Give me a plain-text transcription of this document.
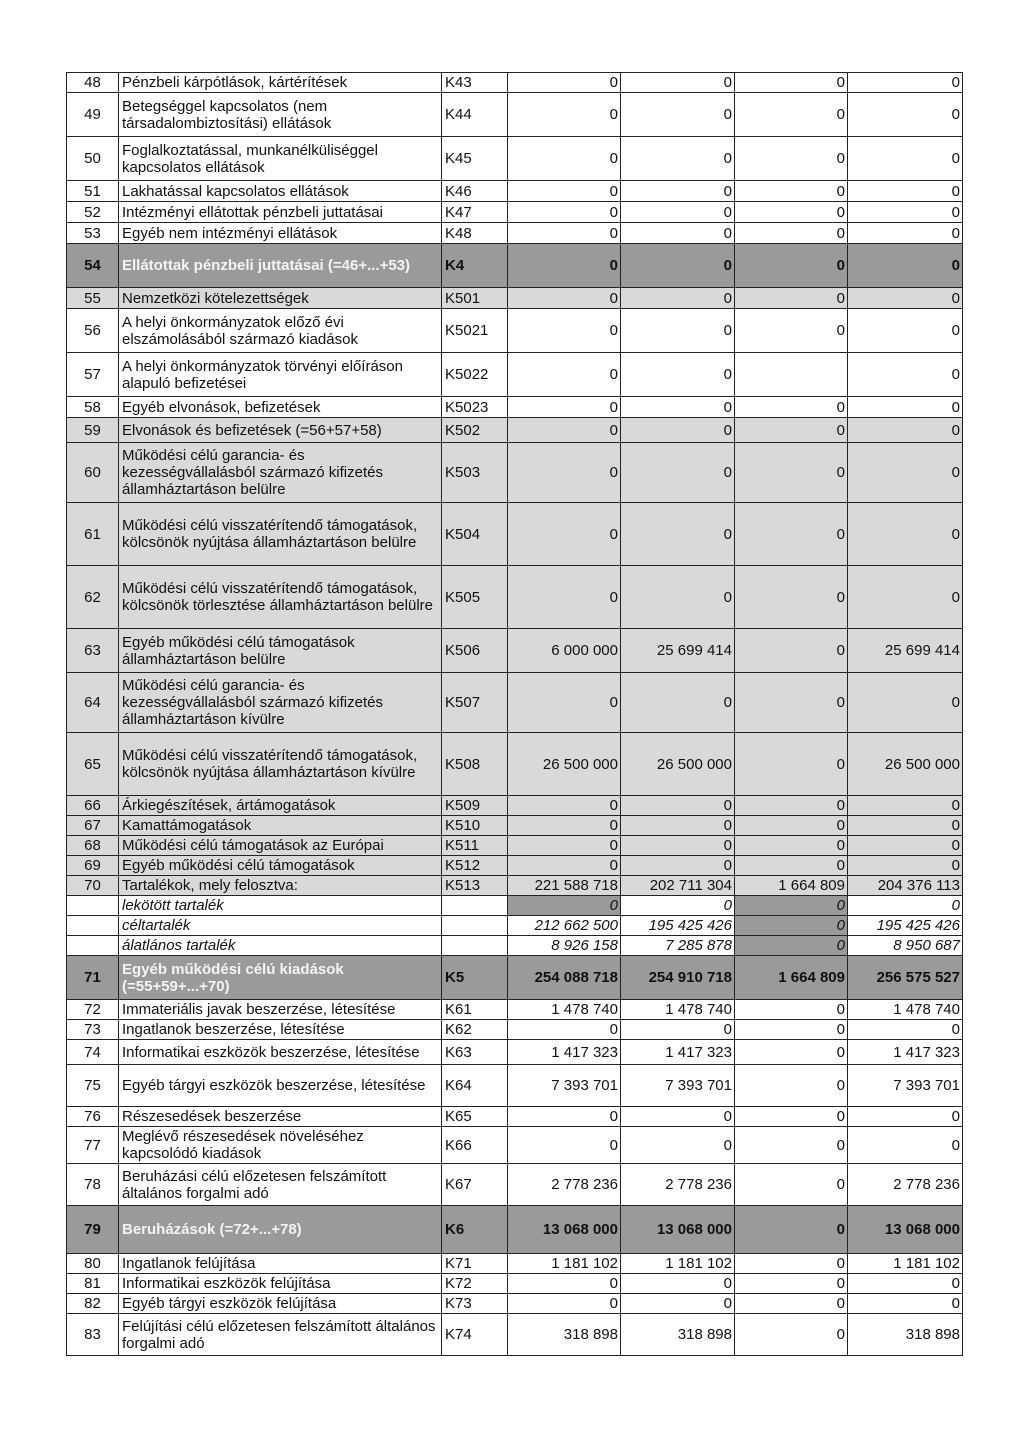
48	Pénzbeli kárpótlások, kártérítések	K43	0	0	0	0
49	Betegséggel kapcsolatos (nem társadalombiztosítási) ellátások	K44	0	0	0	0
50	Foglalkoztatással, munkanélküliséggel kapcsolatos ellátások	K45	0	0	0	0
51	Lakhatással kapcsolatos ellátások	K46	0	0	0	0
52	Intézményi ellátottak pénzbeli juttatásai	K47	0	0	0	0
53	Egyéb nem intézményi ellátások	K48	0	0	0	0
54	Ellátottak pénzbeli juttatásai (=46+...+53)	K4	0	0	0	0
55	Nemzetközi kötelezettségek	K501	0	0	0	0
56	A helyi önkormányzatok előző évi elszámolásából származó kiadások	K5021	0	0	0	0
57	A helyi önkormányzatok törvényi előíráson alapuló befizetései	K5022	0	0		0
58	Egyéb elvonások, befizetések	K5023	0	0	0	0
59	Elvonások és befizetések (=56+57+58)	K502	0	0	0	0
60	Működési célú garancia- és kezességvállalásból származó kifizetés államháztartáson belülre	K503	0	0	0	0
61	Működési célú visszatérítendő támogatások, kölcsönök nyújtása államháztartáson belülre	K504	0	0	0	0
62	Működési célú visszatérítendő támogatások, kölcsönök törlesztése államháztartáson belülre	K505	0	0	0	0
63	Egyéb működési célú támogatások államháztartáson belülre	K506	6 000 000	25 699 414	0	25 699 414
64	Működési célú garancia- és kezességvállalásból származó kifizetés államháztartáson kívülre	K507	0	0	0	0
65	Működési célú visszatérítendő támogatások, kölcsönök nyújtása államháztartáson kívülre	K508	26 500 000	26 500 000	0	26 500 000
66	Árkiegészítések, ártámogatások	K509	0	0	0	0
67	Kamattámogatások	K510	0	0	0	0
68	Működési célú támogatások az Európai	K511	0	0	0	0
69	Egyéb működési célú támogatások	K512	0	0	0	0
70	Tartalékok, mely felosztva:	K513	221 588 718	202 711 304	1 664 809	204 376 113
	lekötött tartalék		0	0	0	0
	céltartalék		212 662 500	195 425 426	0	195 425 426
	álatlános tartalék		8 926 158	7 285 878	0	8 950 687
71	Egyéb működési célú kiadások (=55+59+...+70)	K5	254 088 718	254 910 718	1 664 809	256 575 527
72	Immateriális javak beszerzése, létesítése	K61	1 478 740	1 478 740	0	1 478 740
73	Ingatlanok beszerzése, létesítése	K62	0	0	0	0
74	Informatikai eszközök beszerzése, létesítése	K63	1 417 323	1 417 323	0	1 417 323
75	Egyéb tárgyi eszközök beszerzése, létesítése	K64	7 393 701	7 393 701	0	7 393 701
76	Részesedések beszerzése	K65	0	0	0	0
77	Meglévő részesedések növeléséhez kapcsolódó kiadások	K66	0	0	0	0
78	Beruházási célú előzetesen felszámított általános forgalmi adó	K67	2 778 236	2 778 236	0	2 778 236
79	Beruházások (=72+...+78)	K6	13 068 000	13 068 000	0	13 068 000
80	Ingatlanok felújítása	K71	1 181 102	1 181 102	0	1 181 102
81	Informatikai eszközök felújítása	K72	0	0	0	0
82	Egyéb tárgyi eszközök felújítása	K73	0	0	0	0
83	Felújítási célú előzetesen felszámított általános forgalmi adó	K74	318 898	318 898	0	318 898
